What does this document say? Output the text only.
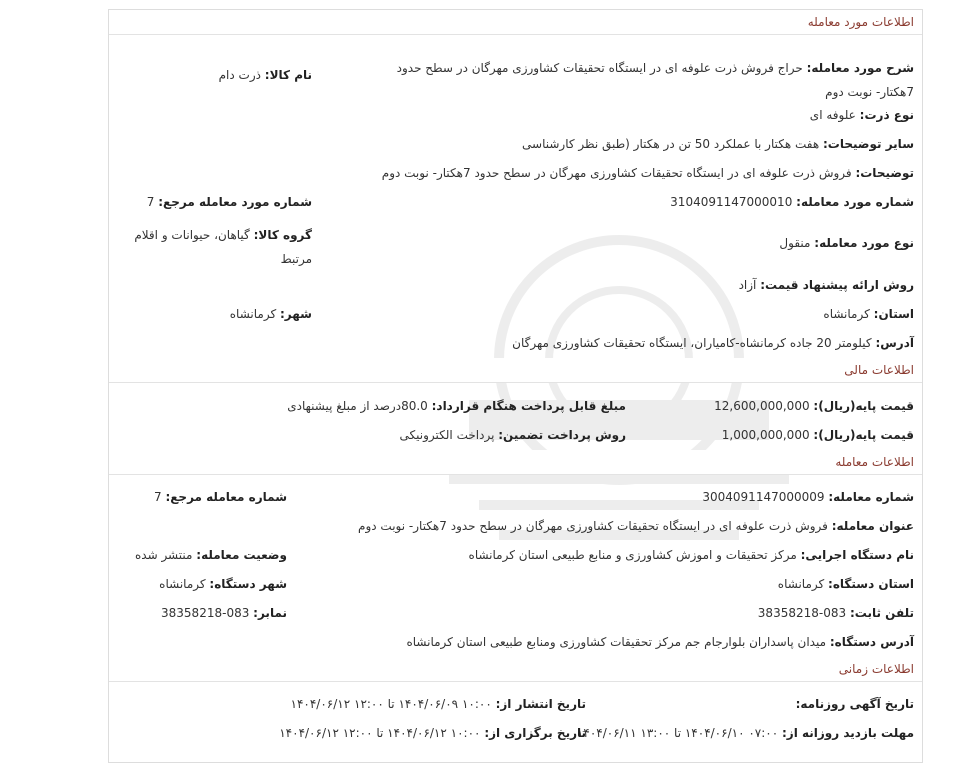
اطلاعات مورد معامله
شرح مورد معامله: حراج فروش ذرت علوفه ای در ایستگاه تحقیقات کشاورزی مهرگان در سطح حدود 7هکتار- نوبت دوم
نام کالا: ذرت دام
نوع ذرت: علوفه ای
سایر توضیحات: هفت هکتار با عملکرد 50 تن در هکتار (طبق نظر کارشناسی
توضیحات: فروش ذرت علوفه ای در ایستگاه تحقیقات کشاورزی مهرگان در سطح حدود 7هکتار- نوبت دوم
شماره مورد معامله: 3104091147000010
شماره مورد معامله مرجع: 7
نوع مورد معامله: منقول
گروه کالا: گیاهان، حیوانات و اقلام مرتبط
روش ارائه پیشنهاد قیمت: آزاد
استان: کرمانشاه
شهر: کرمانشاه
آدرس: کیلومتر 20 جاده کرمانشاه-کامیاران، ایستگاه تحقیقات کشاورزی مهرگان
اطلاعات مالی
قیمت پایه(ریال): 12,600,000,000
مبلغ قابل پرداخت هنگام قرارداد: 80.0درصد از مبلغ پیشنهادی
قیمت پایه(ریال): 1,000,000,000
روش پرداخت تضمین: پرداخت الکترونیکی
اطلاعات معامله
شماره معامله: 3004091147000009
شماره معامله مرجع: 7
عنوان معامله: فروش ذرت علوفه ای در ایستگاه تحقیقات کشاورزی مهرگان در سطح حدود 7هکتار- نوبت دوم
نام دستگاه اجرایی: مرکز تحقیقات و اموزش کشاورزی و منابع طبیعی استان کرمانشاه
وضعیت معامله: منتشر شده
استان دستگاه: کرمانشاه
شهر دستگاه: کرمانشاه
تلفن ثابت: 083-38358218
نمابر: 083-38358218
آدرس دستگاه: میدان پاسداران بلوارجام جم مرکز تحقیقات کشاورزی ومنابع طبیعی استان کرمانشاه
اطلاعات زمانی
تاریخ آگهی روزنامه:
تاریخ انتشار از: ۱۰:۰۰ ۱۴۰۴/۰۶/۰۹ تا ۱۲:۰۰ ۱۴۰۴/۰۶/۱۲
مهلت بازدید روزانه از: ۰۷:۰۰ ۱۴۰۴/۰۶/۱۰ تا ۱۳:۰۰ ۱۴۰۴/۰۶/۱۱
تاریخ برگزاری از: ۱۰:۰۰ ۱۴۰۴/۰۶/۱۲ تا ۱۲:۰۰ ۱۴۰۴/۰۶/۱۲
